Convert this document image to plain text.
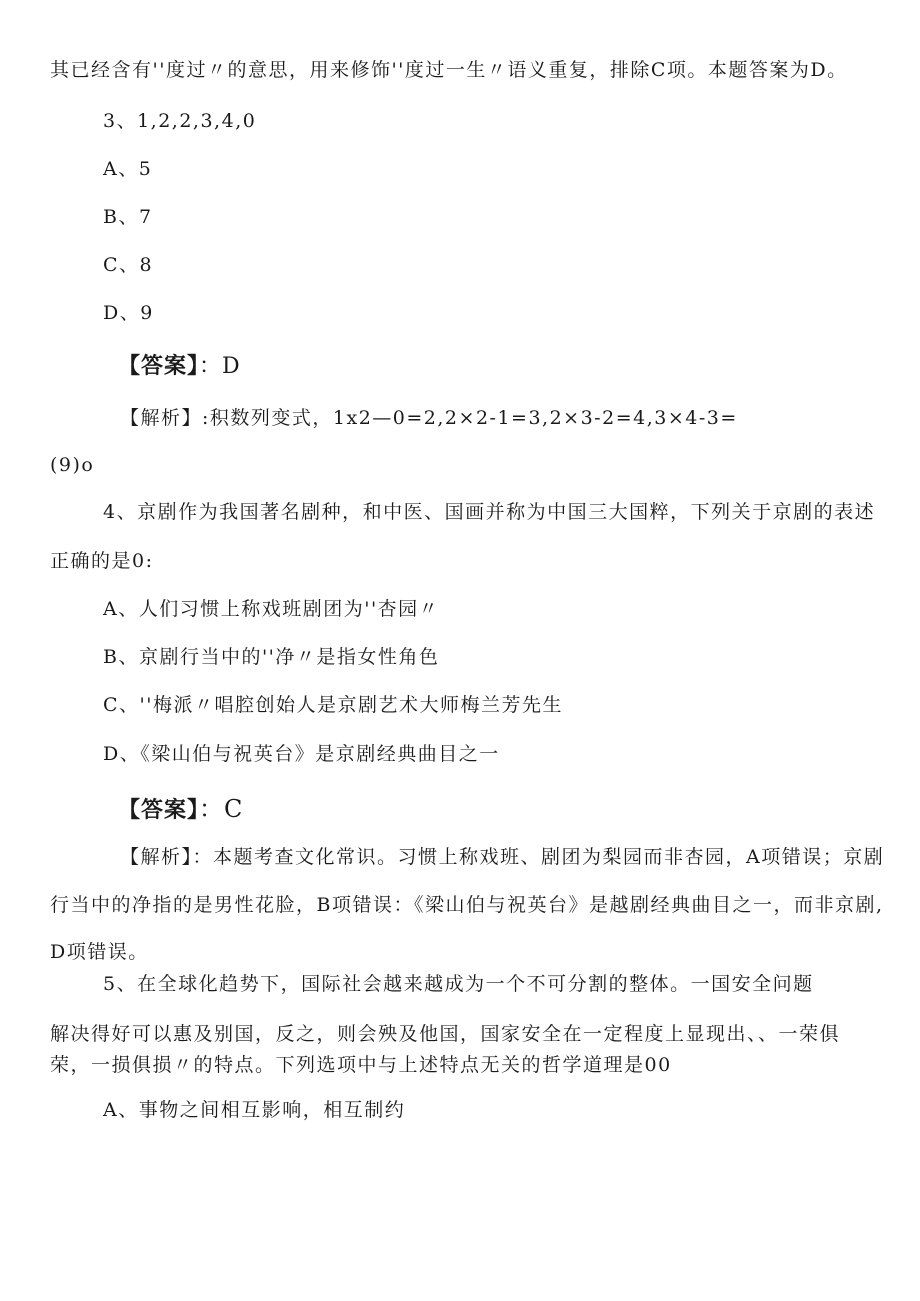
其已经含有''度过〃的意思，用来修饰''度过一生〃语义重复，排除C项。本题答案为D。
3、1,2,2,3,4,0
A、5
B、7
C、8
D、9
【答案】：D
【解析】:积数列变式，1x2—0=2,2×2-1=3,2×3-2=4,3×4-3=
(9)o
4、京剧作为我国著名剧种，和中医、国画并称为中国三大国粹，下列关于京剧的表述
正确的是0:
A、人们习惯上称戏班剧团为''杏园〃
B、京剧行当中的''净〃是指女性角色
C、''梅派〃唱腔创始人是京剧艺术大师梅兰芳先生
D、《梁山伯与祝英台》是京剧经典曲目之一
【答案】：C
【解析】：本题考查文化常识。习惯上称戏班、剧团为梨园而非杏园，A项错误；京剧
行当中的净指的是男性花脸，B项错误：《梁山伯与祝英台》是越剧经典曲目之一，而非京剧,
D项错误。
5、在全球化趋势下，国际社会越来越成为一个不可分割的整体。一国安全问题
解决得好可以惠及别国，反之，则会殃及他国，国家安全在一定程度上显现出、、一荣俱
荣，一损俱损〃的特点。下列选项中与上述特点无关的哲学道理是00
A、事物之间相互影响，相互制约
